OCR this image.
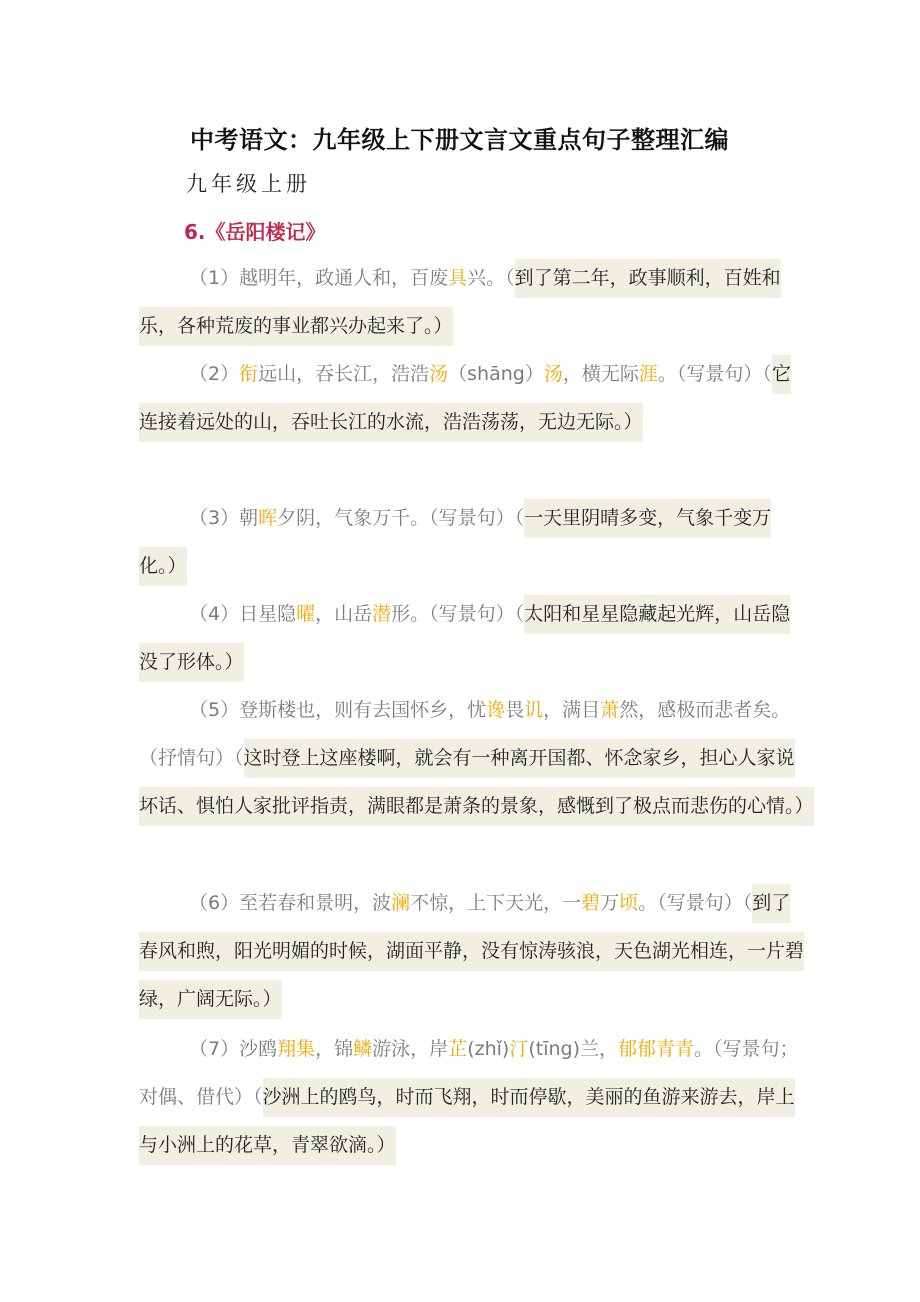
中考语文：九年级上下册文言文重点句子整理汇编
九年级上册
6.《岳阳楼记》

（1）越明年，政通人和，百废具兴。（到了第二年，政事顺利，百姓和乐，各种荒废的事业都兴办起来了。）

（2）衔远山，吞长江，浩浩汤（shāng）汤，横无际涯。（写景句）（它连接着远处的山，吞吐长江的水流，浩浩荡荡，无边无际。）

（3）朝晖夕阴，气象万千。（写景句）（一天里阴晴多变，气象千变万化。）

（4）日星隐曜，山岳潜形。（写景句）（太阳和星星隐藏起光辉，山岳隐没了形体。）

（5）登斯楼也，则有去国怀乡，忧谗畏讥，满目萧然，感极而悲者矣。（抒情句）（这时登上这座楼啊，就会有一种离开国都、怀念家乡，担心人家说坏话、惧怕人家批评指责，满眼都是萧条的景象，感慨到了极点而悲伤的心情。）

（6）至若春和景明，波澜不惊，上下天光，一碧万顷。（写景句）（到了春风和煦，阳光明媚的时候，湖面平静，没有惊涛骇浪，天色湖光相连，一片碧绿，广阔无际。）

（7）沙鸥翔集，锦鳞游泳，岸芷(zhǐ)汀(tīng)兰，郁郁青青。（写景句；对偶、借代）（沙洲上的鸥鸟，时而飞翔，时而停歇，美丽的鱼游来游去，岸上与小洲上的花草，青翠欲滴。）
